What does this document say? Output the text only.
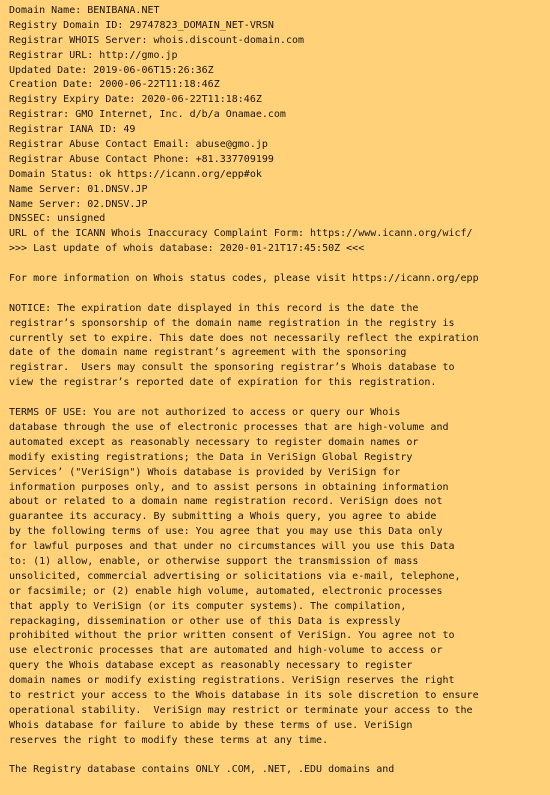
Domain Name: BENIBANA.NET
Registry Domain ID: 29747823_DOMAIN_NET-VRSN
Registrar WHOIS Server: whois.discount-domain.com
Registrar URL: http://gmo.jp
Updated Date: 2019-06-06T15:26:36Z
Creation Date: 2000-06-22T11:18:46Z
Registry Expiry Date: 2020-06-22T11:18:46Z
Registrar: GMO Internet, Inc. d/b/a Onamae.com
Registrar IANA ID: 49
Registrar Abuse Contact Email: abuse@gmo.jp
Registrar Abuse Contact Phone: +81.337709199
Domain Status: ok https://icann.org/epp#ok
Name Server: 01.DNSV.JP
Name Server: 02.DNSV.JP
DNSSEC: unsigned
URL of the ICANN Whois Inaccuracy Complaint Form: https://www.icann.org/wicf/
>>> Last update of whois database: 2020-01-21T17:45:50Z <<<
For more information on Whois status codes, please visit https://icann.org/epp
NOTICE: The expiration date displayed in this record is the date the
registrar’s sponsorship of the domain name registration in the registry is
currently set to expire. This date does not necessarily reflect the expiration
date of the domain name registrant’s agreement with the sponsoring
registrar.  Users may consult the sponsoring registrar’s Whois database to
view the registrar’s reported date of expiration for this registration.
TERMS OF USE: You are not authorized to access or query our Whois
database through the use of electronic processes that are high-volume and
automated except as reasonably necessary to register domain names or
modify existing registrations; the Data in VeriSign Global Registry
Services’ ("VeriSign") Whois database is provided by VeriSign for
information purposes only, and to assist persons in obtaining information
about or related to a domain name registration record. VeriSign does not
guarantee its accuracy. By submitting a Whois query, you agree to abide
by the following terms of use: You agree that you may use this Data only
for lawful purposes and that under no circumstances will you use this Data
to: (1) allow, enable, or otherwise support the transmission of mass
unsolicited, commercial advertising or solicitations via e-mail, telephone,
or facsimile; or (2) enable high volume, automated, electronic processes
that apply to VeriSign (or its computer systems). The compilation,
repackaging, dissemination or other use of this Data is expressly
prohibited without the prior written consent of VeriSign. You agree not to
use electronic processes that are automated and high-volume to access or
query the Whois database except as reasonably necessary to register
domain names or modify existing registrations. VeriSign reserves the right
to restrict your access to the Whois database in its sole discretion to ensure
operational stability.  VeriSign may restrict or terminate your access to the
Whois database for failure to abide by these terms of use. VeriSign
reserves the right to modify these terms at any time.
The Registry database contains ONLY .COM, .NET, .EDU domains and
